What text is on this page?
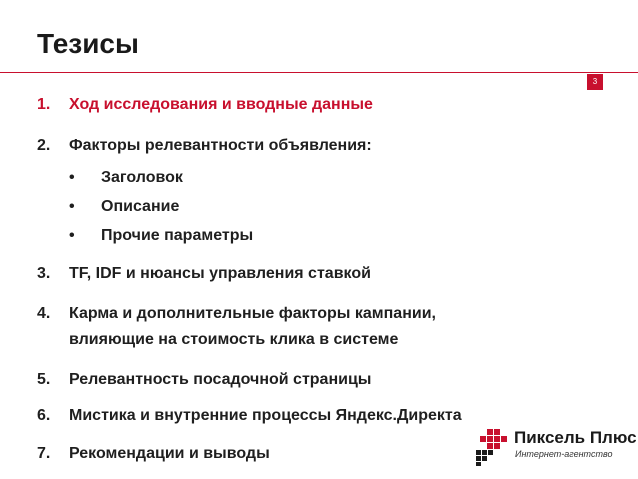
Тезисы
3
1. Ход исследования и вводные данные
2. Факторы релевантности объявления:
• Заголовок
• Описание
• Прочие параметры
3. TF, IDF и нюансы управления ставкой
4. Карма и дополнительные факторы кампании,
влияющие на стоимость клика в системе
5. Релевантность посадочной страницы
6. Мистика и внутренние процессы Яндекс.Директа
7. Рекомендации и выводы
Пиксель Плюс
Интернет-агентство
